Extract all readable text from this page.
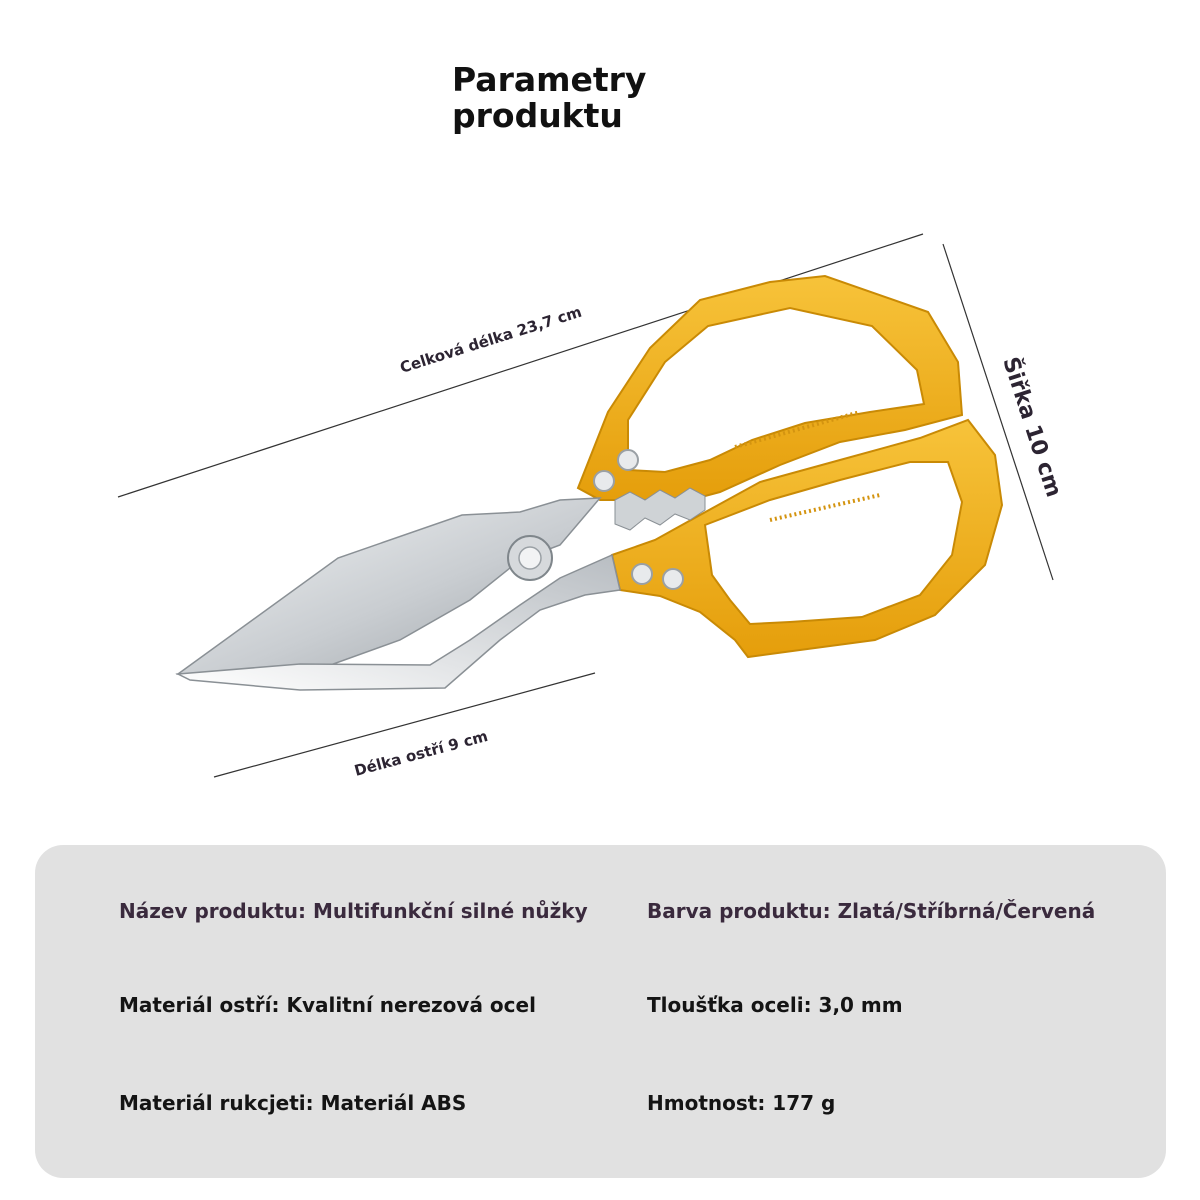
Parametry
produktu
Celková délka 23,7 cm
Šiřka 10 cm
Délka ostří 9 cm
Název produktu: Multifunkční silné nůžky	Barva produktu: Zlatá/Stříbrná/Červená
Materiál ostří: Kvalitní nerezová ocel	Tloušťka oceli: 3,0 mm
Materiál rukcjeti: Materiál ABS	Hmotnost: 177 g
